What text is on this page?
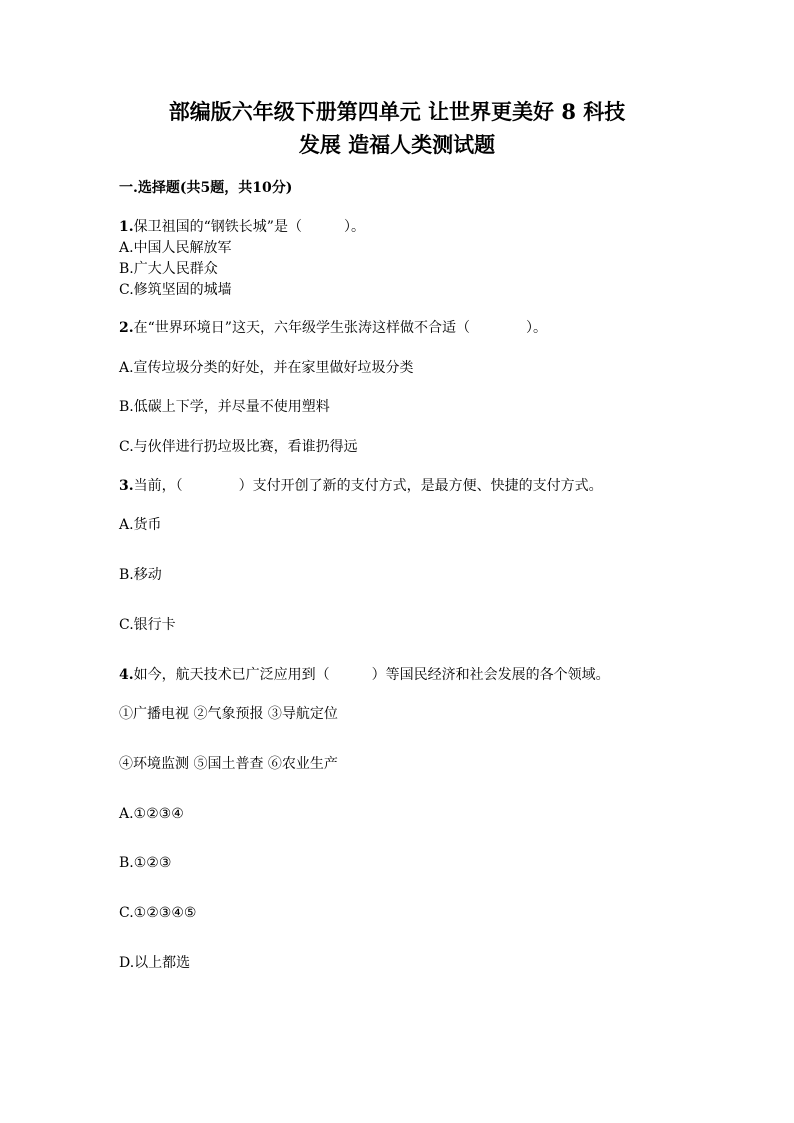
部编版六年级下册第四单元 让世界更美好 8 科技
发展 造福人类测试题
一.选择题(共5题，共10分)
1.保卫祖国的“钢铁长城”是（　　　）。
A.中国人民解放军
B.广大人民群众
C.修筑坚固的城墙
2.在“世界环境日”这天，六年级学生张涛这样做不合适（　　　　）。
A.宣传垃圾分类的好处，并在家里做好垃圾分类
B.低碳上下学，并尽量不使用塑料
C.与伙伴进行扔垃圾比赛，看谁扔得远
3.当前，（　　　　）支付开创了新的支付方式，是最方便、快捷的支付方式。
A.货币
B.移动
C.银行卡
4.如今，航天技术已广泛应用到（　　　）等国民经济和社会发展的各个领域。
①广播电视 ②气象预报 ③导航定位
④环境监测 ⑤国土普查 ⑥农业生产
A.①②③④
B.①②③
C.①②③④⑤
D.以上都选
